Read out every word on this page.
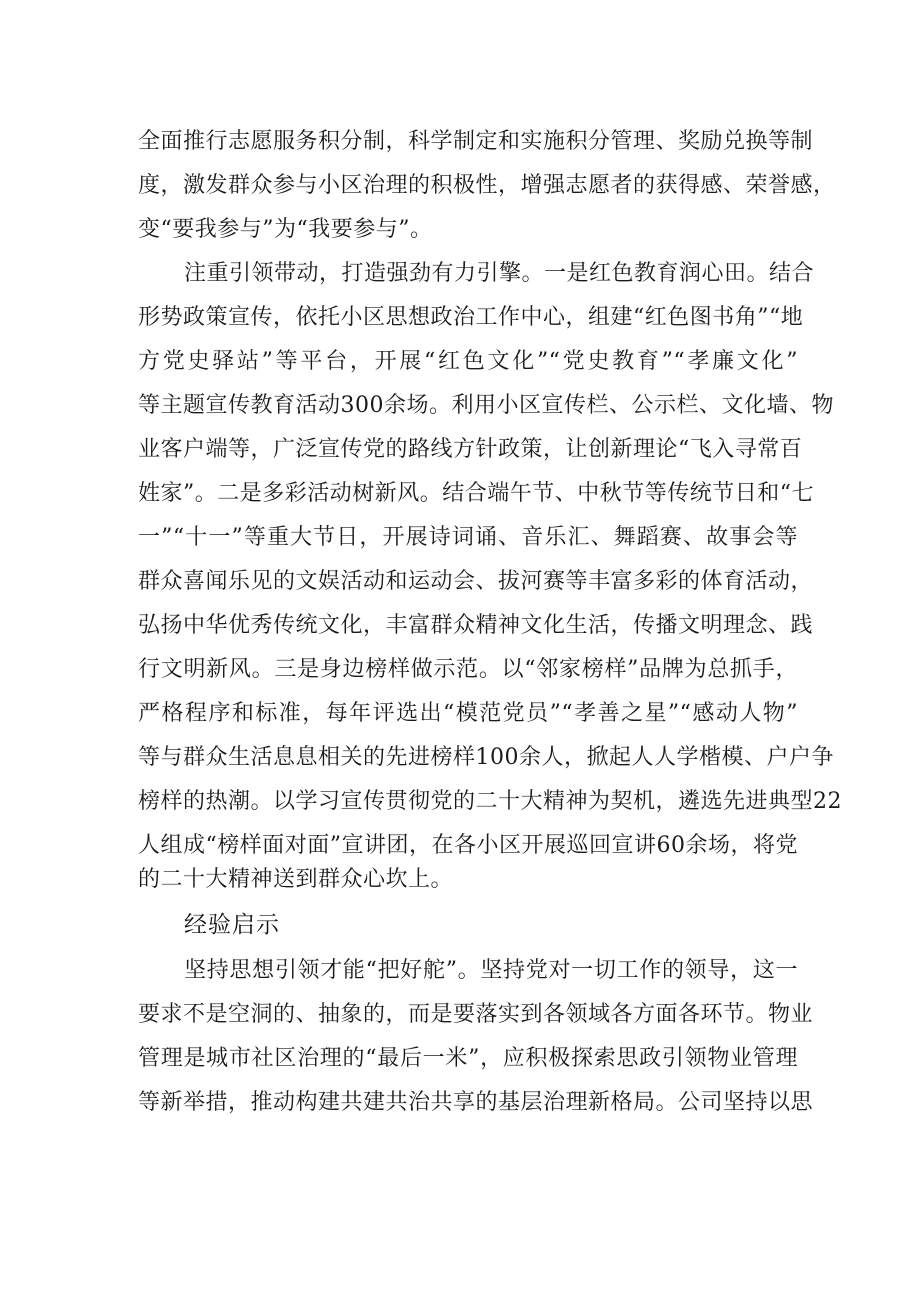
全面推行志愿服务积分制，科学制定和实施积分管理、奖励兑换等制
度，激发群众参与小区治理的积极性，增强志愿者的获得感、荣誉感，
变“要我参与”为“我要参与”。
注重引领带动，打造强劲有力引擎。一是红色教育润心田。结合
形势政策宣传，依托小区思想政治工作中心，组建“红色图书角”“地
方党史驿站”等平台，开展“红色文化”“党史教育”“孝廉文化”
等主题宣传教育活动300余场。利用小区宣传栏、公示栏、文化墙、物
业客户端等，广泛宣传党的路线方针政策，让创新理论“飞入寻常百
姓家”。二是多彩活动树新风。结合端午节、中秋节等传统节日和“七
一”“十一”等重大节日，开展诗词诵、音乐汇、舞蹈赛、故事会等
群众喜闻乐见的文娱活动和运动会、拔河赛等丰富多彩的体育活动，
弘扬中华优秀传统文化，丰富群众精神文化生活，传播文明理念、践
行文明新风。三是身边榜样做示范。以“邻家榜样”品牌为总抓手，
严格程序和标准，每年评选出“模范党员”“孝善之星”“感动人物”
等与群众生活息息相关的先进榜样100余人，掀起人人学楷模、户户争
榜样的热潮。以学习宣传贯彻党的二十大精神为契机，遴选先进典型22
人组成“榜样面对面”宣讲团，在各小区开展巡回宣讲60余场，将党
的二十大精神送到群众心坎上。
经验启示
坚持思想引领才能“把好舵”。坚持党对一切工作的领导，这一
要求不是空洞的、抽象的，而是要落实到各领域各方面各环节。物业
管理是城市社区治理的“最后一米”，应积极探索思政引领物业管理
等新举措，推动构建共建共治共享的基层治理新格局。公司坚持以思
